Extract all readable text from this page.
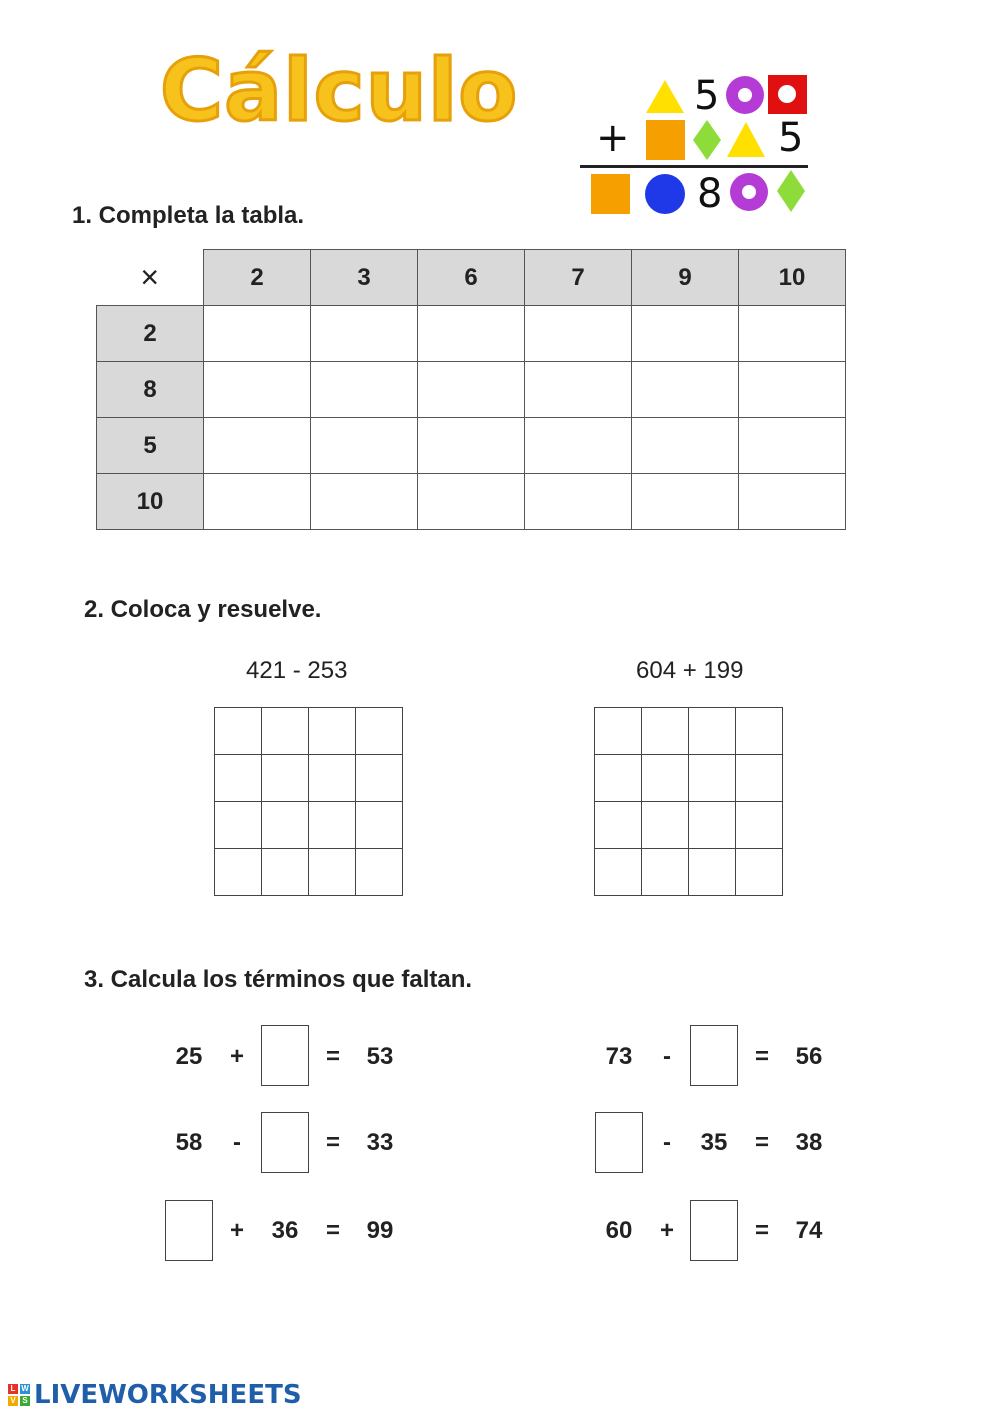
Cálculo	5
+	5
8
1. Completa la tabla.
×	2	3	6	7	9	10
2						
8						
5						
10						
2. Coloca y resuelve.
421 - 253	604 + 199

3. Calcula los términos que faltan.
25	+	=	53
58	-	=	33
+	36	=	99
73	-	=	56
-	35	=	38
60	+	=	74
L W
V S LIVEWORKSHEETS
